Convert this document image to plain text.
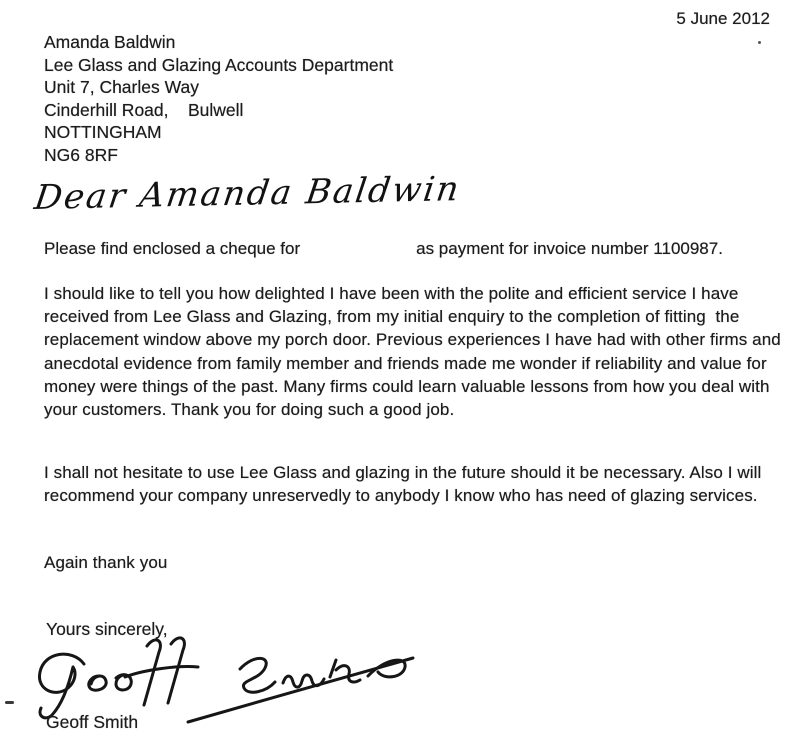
5 June 2012
Amanda Baldwin
Lee Glass and Glazing Accounts Department
Unit 7, Charles Way
Cinderhill Road,    Bulwell
NOTTINGHAM
NG6 8RF
Dear Amanda Baldwin
Please find enclosed a cheque for	as payment for invoice number 1100987.

I should like to tell you how delighted I have been with the polite and efficient service I have received from Lee Glass and Glazing, from my initial enquiry to the completion of fitting  the replacement window above my porch door. Previous experiences I have had with other firms and anecdotal evidence from family member and friends made me wonder if reliability and value for money were things of the past. Many firms could learn valuable lessons from how you deal with your customers. Thank you for doing such a good job.

I shall not hesitate to use Lee Glass and glazing in the future should it be necessary. Also I will recommend your company unreservedly to anybody I know who has need of glazing services.

Again thank you

Yours sincerely,
Geoff Smith
